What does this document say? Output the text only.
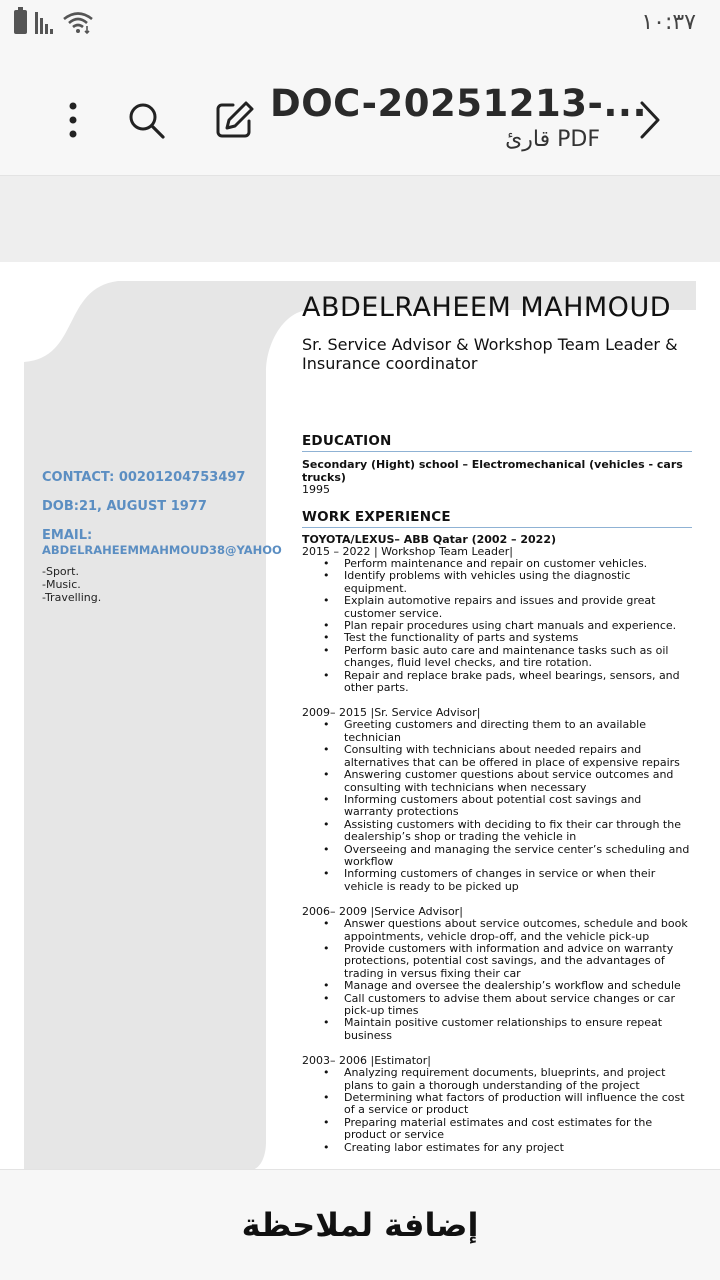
١٠:٣٧
DOC-20251213-...
قارئ PDF
CONTACT: 00201204753497
DOB:21, AUGUST 1977
EMAIL:
ABDELRAHEEMMAHMOUD38@YAHOO
-Sport.
-Music.
-Travelling.
ABDELRAHEEM MAHMOUD
Sr. Service Advisor & Workshop Team Leader & Insurance coordinator
EDUCATION
Secondary (Hight) school – Electromechanical (vehicles - cars trucks)
1995
WORK EXPERIENCE
TOYOTA/LEXUS– ABB Qatar (2002 – 2022)
2015 – 2022 | Workshop Team Leader|
• Perform maintenance and repair on customer vehicles.
• Identify problems with vehicles using the diagnostic equipment.
• Explain automotive repairs and issues and provide great customer service.
• Plan repair procedures using chart manuals and experience.
• Test the functionality of parts and systems
• Perform basic auto care and maintenance tasks such as oil changes, fluid level checks, and tire rotation.
• Repair and replace brake pads, wheel bearings, sensors, and other parts.
2009– 2015 |Sr. Service Advisor|
• Greeting customers and directing them to an available technician
• Consulting with technicians about needed repairs and alternatives that can be offered in place of expensive repairs
• Answering customer questions about service outcomes and consulting with technicians when necessary
• Informing customers about potential cost savings and warranty protections
• Assisting customers with deciding to fix their car through the dealership’s shop or trading the vehicle in
• Overseeing and managing the service center’s scheduling and workflow
• Informing customers of changes in service or when their vehicle is ready to be picked up
2006– 2009 |Service Advisor|
• Answer questions about service outcomes, schedule and book appointments, vehicle drop-off, and the vehicle pick-up
• Provide customers with information and advice on warranty protections, potential cost savings, and the advantages of trading in versus fixing their car
• Manage and oversee the dealership’s workflow and schedule
• Call customers to advise them about service changes or car pick-up times
• Maintain positive customer relationships to ensure repeat business
2003– 2006 |Estimator|
• Analyzing requirement documents, blueprints, and project plans to gain a thorough understanding of the project
• Determining what factors of production will influence the cost of a service or product
• Preparing material estimates and cost estimates for the product or service
• Creating labor estimates for any project
إضافة لملاحظة
